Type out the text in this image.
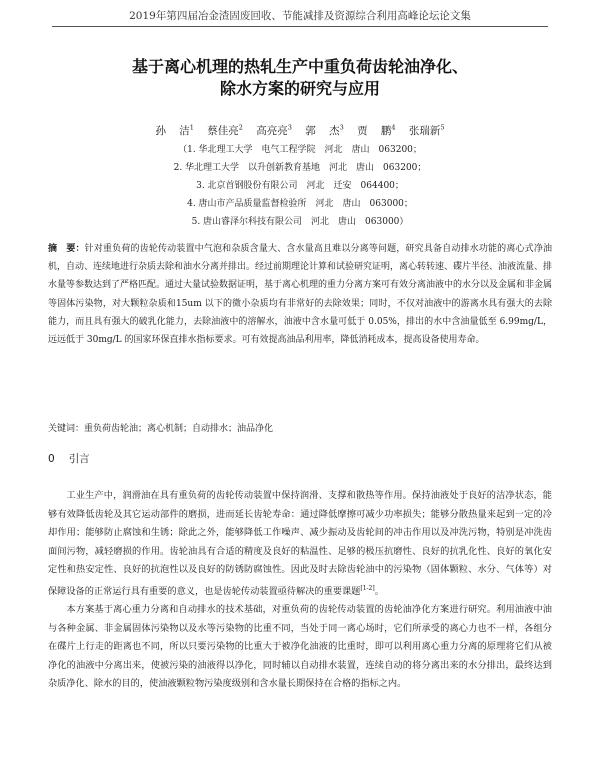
2019年第四届冶金渣固废回收、节能减排及资源综合利用高峰论坛论文集
基于离心机理的热轧生产中重负荷齿轮油净化、
除水方案的研究与应用
孙 洁$^1$ 蔡佳亮$^2$ 高亮亮$^3$ 郭 杰$^3$ 贾 鹏$^4$ 张瑞新$^5$
（1. 华北理工大学　电气工程学院　河北　唐山　063200；
2. 华北理工大学　以升创新教育基地　河北　唐山　063200；
3. 北京首钢股份有限公司　河北　迁安　064400；
4. 唐山市产品质量监督检验所　河北　唐山　063000；
5. 唐山睿泽尔科技有限公司　河北　唐山　063000）
摘　要：针对重负荷的齿轮传动装置中气泡和杂质含量大、含水量高且难以分离等问题，研究具备自动排水功能的离心式净油机，自动、连续地进行杂质去除和油水分离并排出。经过前期理论计算和试验研究证明，离心转转速、碟片半径、油液流量、排水量等参数达到了严格匹配。通过大量试验数据证明，基于离心机理的重力分离方案可有效分离油液中的水分以及金属和非金属等固体污染物，对大颗粒杂质和15um 以下的微小杂质均有非常好的去除效果；同时，不仅对油液中的游离水具有强大的去除能力，而且具有强大的破乳化能力，去除油液中的溶解水，油液中含水量可低于 0.05%，排出的水中含油量低至 6.99mg/L，远远低于 30mg/L 的国家环保直排水指标要求。可有效提高油品利用率，降低消耗成本，提高设备使用寿命。
关键词：重负荷齿轮油；离心机制；自动排水；油品净化
0 引言

工业生产中，润滑油在具有重负荷的齿轮传动装置中保持润滑、支撑和散热等作用。保持油液处于良好的洁净状态，能够有效降低齿轮及其它运动部件的磨损，进而延长齿轮寿命：通过降低摩擦可减少功率损失；能够分散热量来起到一定的冷却作用；能够防止腐蚀和生锈；除此之外，能够降低工作噪声、减少振动及齿轮间的冲击作用以及冲洗污物，特别是冲洗齿面间污物，减轻磨损的作用。齿轮油具有合适的精度及良好的粘温性、足够的极压抗磨性、良好的抗乳化性、良好的氧化安定性和热安定性、良好的抗泡性以及良好的防锈防腐蚀性。因此及时去除齿轮油中的污染物（固体颗粒、水分、气体等）对保障设备的正常运行具有重要的意义，也是齿轮传动装置亟待解决的重要课题[1-2]。

本方案基于离心重力分离和自动排水的技术基础，对重负荷的齿轮传动装置的齿轮油净化方案进行研究。利用油液中油与各种金属、非金属固体污染物以及水等污染物的比重不同，当处于同一离心场时，它们所承受的离心力也不一样，各组分在碟片上行走的距离也不同，所以只要污染物的比重大于被净化油液的比重时，即可以利用离心重力分离的原理将它们从被净化的油液中分离出来，使被污染的油液得以净化，同时辅以自动排水装置，连续自动的将分离出来的水分排出，最终达到杂质净化、除水的目的，使油液颗粒物污染度级别和含水量长期保持在合格的指标之内。
